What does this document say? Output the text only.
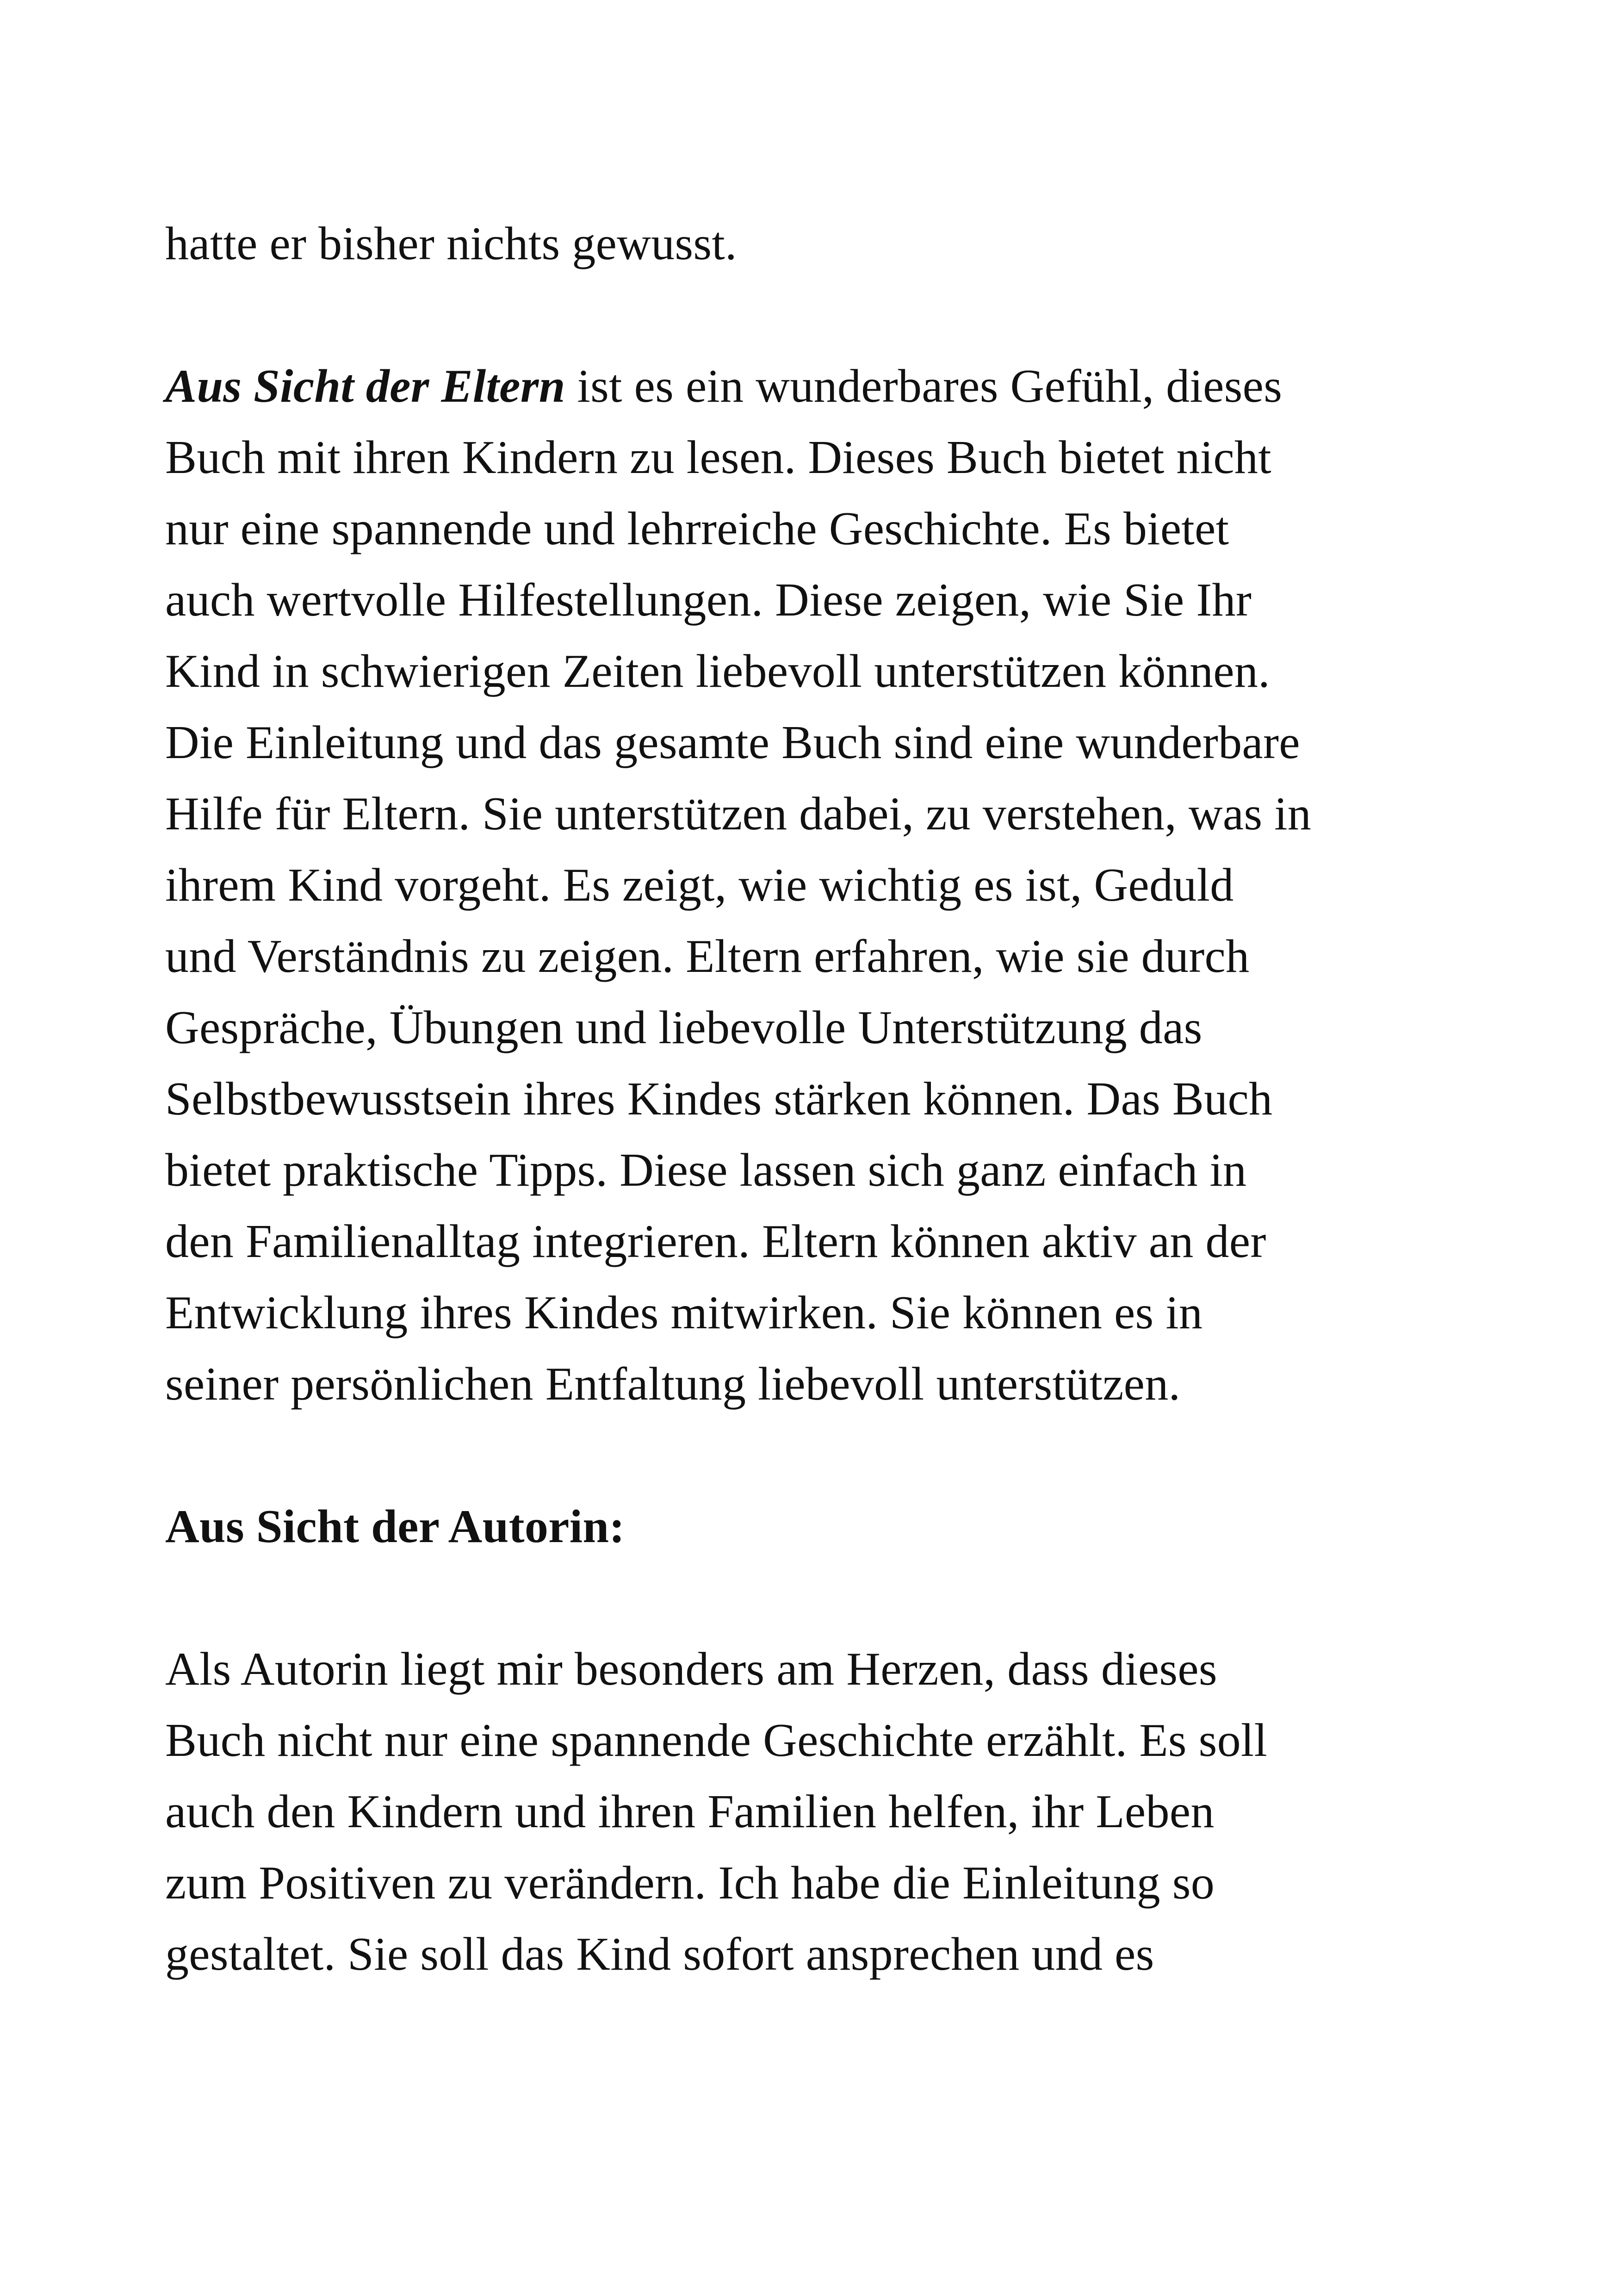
hatte er bisher nichts gewusst.
Aus Sicht der Eltern ist es ein wunderbares Gefühl, dieses
Buch mit ihren Kindern zu lesen. Dieses Buch bietet nicht
nur eine spannende und lehrreiche Geschichte. Es bietet
auch wertvolle Hilfestellungen. Diese zeigen, wie Sie Ihr
Kind in schwierigen Zeiten liebevoll unterstützen können.
Die Einleitung und das gesamte Buch sind eine wunderbare
Hilfe für Eltern. Sie unterstützen dabei, zu verstehen, was in
ihrem Kind vorgeht. Es zeigt, wie wichtig es ist, Geduld
und Verständnis zu zeigen. Eltern erfahren, wie sie durch
Gespräche, Übungen und liebevolle Unterstützung das
Selbstbewusstsein ihres Kindes stärken können. Das Buch
bietet praktische Tipps. Diese lassen sich ganz einfach in
den Familienalltag integrieren. Eltern können aktiv an der
Entwicklung ihres Kindes mitwirken. Sie können es in
seiner persönlichen Entfaltung liebevoll unterstützen.
Aus Sicht der Autorin:
Als Autorin liegt mir besonders am Herzen, dass dieses
Buch nicht nur eine spannende Geschichte erzählt. Es soll
auch den Kindern und ihren Familien helfen, ihr Leben
zum Positiven zu verändern. Ich habe die Einleitung so
gestaltet. Sie soll das Kind sofort ansprechen und es
